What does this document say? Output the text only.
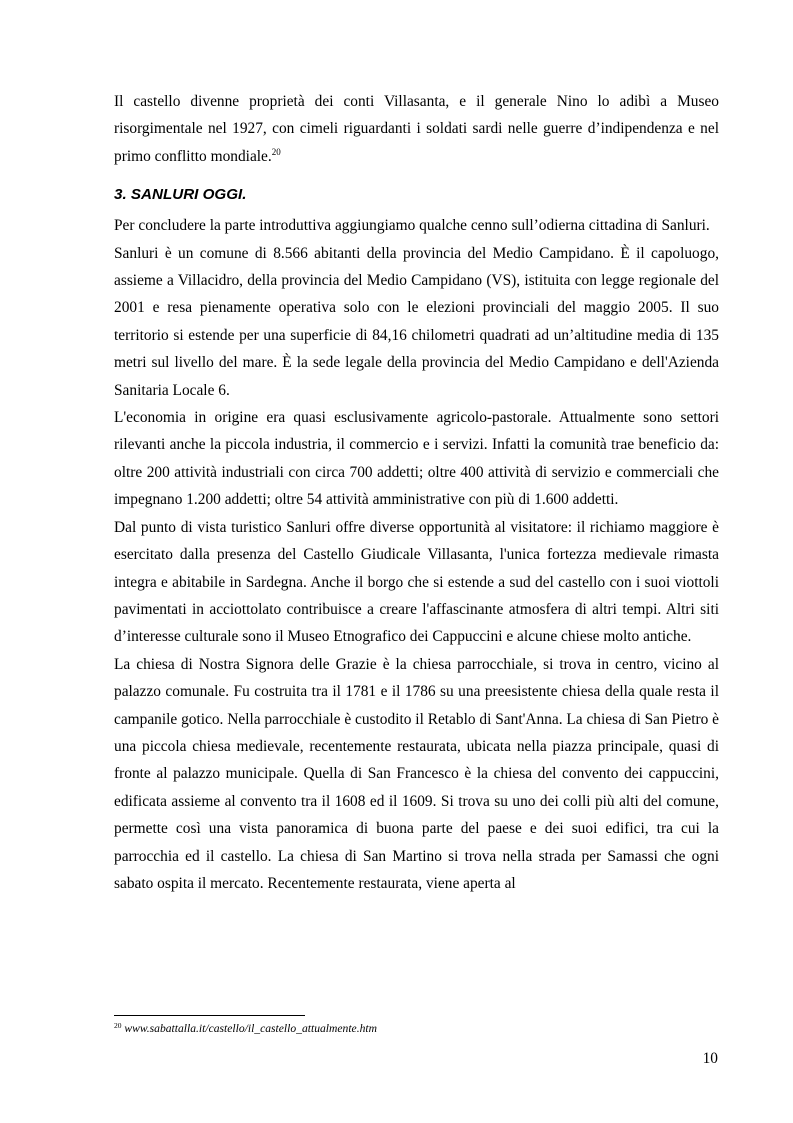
Il castello divenne proprietà dei conti Villasanta, e il generale Nino lo adibì a Museo risorgimentale nel 1927, con cimeli riguardanti i soldati sardi nelle guerre d’indipendenza e nel primo conflitto mondiale.$^{20}$

3. SANLURI OGGI.

Per concludere la parte introduttiva aggiungiamo qualche cenno sull’odierna cittadina di Sanluri.

Sanluri è un comune di 8.566 abitanti della provincia del Medio Campidano. È il capoluogo, assieme a Villacidro, della provincia del Medio Campidano (VS), istituita con legge regionale del 2001 e resa pienamente operativa solo con le elezioni provinciali del maggio 2005. Il suo territorio si estende per una superficie di 84,16 chilometri quadrati ad un’altitudine media di 135 metri sul livello del mare. È la sede legale della provincia del Medio Campidano e dell'Azienda Sanitaria Locale 6.

L'economia in origine era quasi esclusivamente agricolo-pastorale. Attualmente sono settori rilevanti anche la piccola industria, il commercio e i servizi. Infatti la comunità trae beneficio da: oltre 200 attività industriali con circa 700 addetti; oltre 400 attività di servizio e commerciali che impegnano 1.200 addetti; oltre 54 attività amministrative con più di 1.600 addetti.

Dal punto di vista turistico Sanluri offre diverse opportunità al visitatore: il richiamo maggiore è esercitato dalla presenza del Castello Giudicale Villasanta, l'unica fortezza medievale rimasta integra e abitabile in Sardegna. Anche il borgo che si estende a sud del castello con i suoi viottoli pavimentati in acciottolato contribuisce a creare l'affascinante atmosfera di altri tempi. Altri siti d’interesse culturale sono il Museo Etnografico dei Cappuccini e alcune chiese molto antiche.

La chiesa di Nostra Signora delle Grazie è la chiesa parrocchiale, si trova in centro, vicino al palazzo comunale. Fu costruita tra il 1781 e il 1786 su una preesistente chiesa della quale resta il campanile gotico. Nella parrocchiale è custodito il Retablo di Sant'Anna. La chiesa di San Pietro è una piccola chiesa medievale, recentemente restaurata, ubicata nella piazza principale, quasi di fronte al palazzo municipale. Quella di San Francesco è la chiesa del convento dei cappuccini, edificata assieme al convento tra il 1608 ed il 1609. Si trova su uno dei colli più alti del comune, permette così una vista panoramica di buona parte del paese e dei suoi edifici, tra cui la parrocchia ed il castello. La chiesa di San Martino si trova nella strada per Samassi che ogni sabato ospita il mercato. Recentemente restaurata, viene aperta al

$^{20}$ www.sabattalla.it/castello/il_castello_attualmente.htm
10
